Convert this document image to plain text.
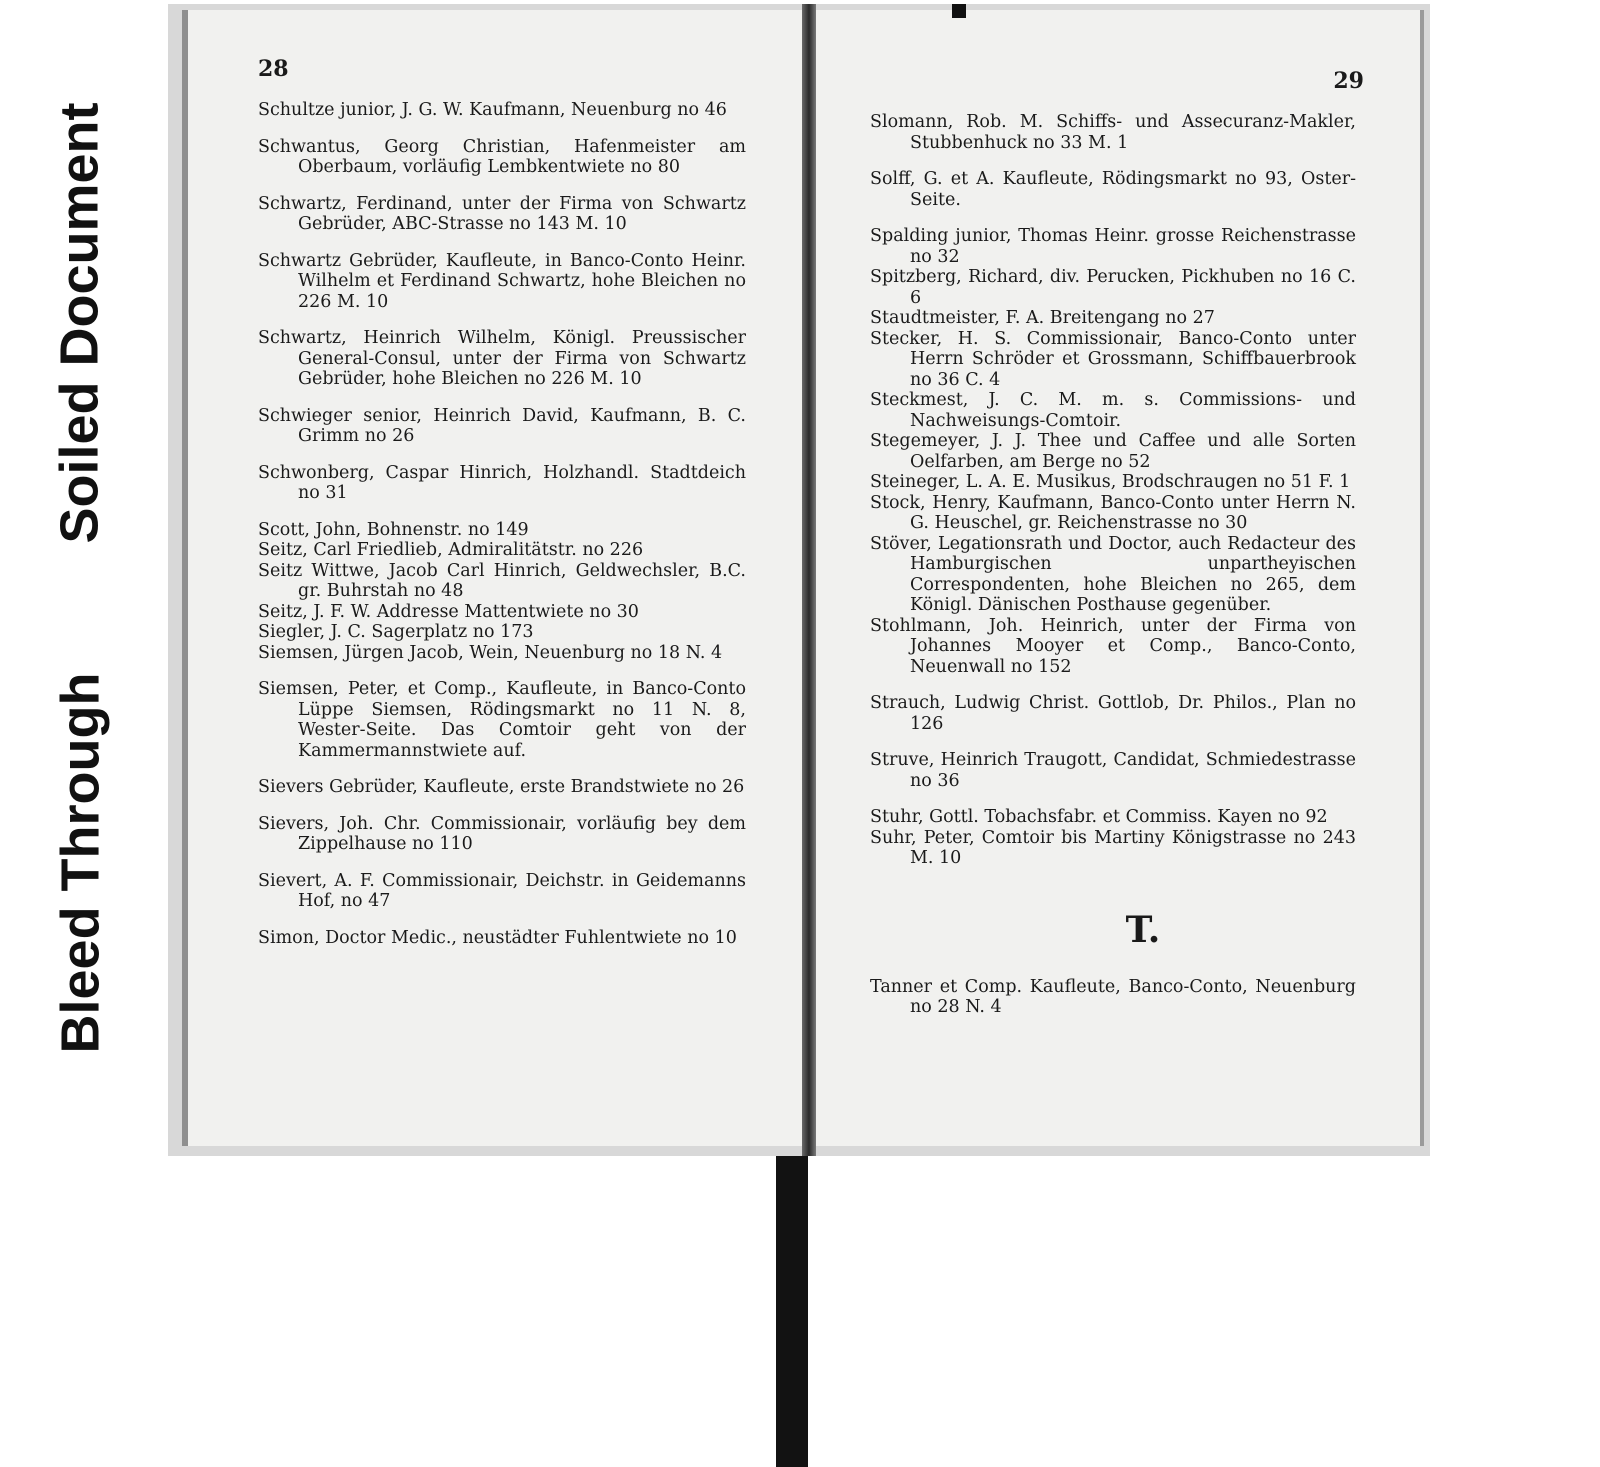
Soiled Document
Bleed Through
28

Schultze junior, J. G. W. Kaufmann, Neuenburg no 46

Schwantus, Georg Christian, Hafenmeister am Oberbaum, vorläufig Lembkentwiete no 80

Schwartz, Ferdinand, unter der Firma von Schwartz Gebrüder, ABC-Strasse no 143 M. 10

Schwartz Gebrüder, Kaufleute, in Banco-Conto Heinr. Wilhelm et Ferdinand Schwartz, hohe Bleichen no 226 M. 10

Schwartz, Heinrich Wilhelm, Königl. Preussischer General-Consul, unter der Firma von Schwartz Gebrüder, hohe Bleichen no 226 M. 10

Schwieger senior, Heinrich David, Kaufmann, B. C. Grimm no 26

Schwonberg, Caspar Hinrich, Holzhandl. Stadtdeich no 31

Scott, John, Bohnenstr. no 149

Seitz, Carl Friedlieb, Admiralitätstr. no 226

Seitz Wittwe, Jacob Carl Hinrich, Geldwechsler, B.C. gr. Buhrstah no 48

Seitz, J. F. W. Addresse Mattentwiete no 30

Siegler, J. C. Sagerplatz no 173

Siemsen, Jürgen Jacob, Wein, Neuenburg no 18 N. 4

Siemsen, Peter, et Comp., Kaufleute, in Banco-Conto Lüppe Siemsen, Rödingsmarkt no 11 N. 8, Wester-Seite. Das Comtoir geht von der Kammermannstwiete auf.

Sievers Gebrüder, Kaufleute, erste Brandstwiete no 26

Sievers, Joh. Chr. Commissionair, vorläufig bey dem Zippelhause no 110

Sievert, A. F. Commissionair, Deichstr. in Geidemanns Hof, no 47

Simon, Doctor Medic., neustädter Fuhlentwiete no 10

29

Slomann, Rob. M. Schiffs- und Assecuranz-Makler, Stubbenhuck no 33 M. 1

Solff, G. et A. Kaufleute, Rödingsmarkt no 93, Oster-Seite.

Spalding junior, Thomas Heinr. grosse Reichenstrasse no 32

Spitzberg, Richard, div. Perucken, Pickhuben no 16 C. 6

Staudtmeister, F. A. Breitengang no 27

Stecker, H. S. Commissionair, Banco-Conto unter Herrn Schröder et Grossmann, Schiffbauerbrook no 36 C. 4

Steckmest, J. C. M. m. s. Commissions- und Nachweisungs-Comtoir.

Stegemeyer, J. J. Thee und Caffee und alle Sorten Oelfarben, am Berge no 52

Steineger, L. A. E. Musikus, Brodschraugen no 51 F. 1

Stock, Henry, Kaufmann, Banco-Conto unter Herrn N. G. Heuschel, gr. Reichenstrasse no 30

Stöver, Legationsrath und Doctor, auch Redacteur des Hamburgischen unpartheyischen Correspondenten, hohe Bleichen no 265, dem Königl. Dänischen Posthause gegenüber.

Stohlmann, Joh. Heinrich, unter der Firma von Johannes Mooyer et Comp., Banco-Conto, Neuenwall no 152

Strauch, Ludwig Christ. Gottlob, Dr. Philos., Plan no 126

Struve, Heinrich Traugott, Candidat, Schmiedestrasse no 36

Stuhr, Gottl. Tobachsfabr. et Commiss. Kayen no 92

Suhr, Peter, Comtoir bis Martiny Königstrasse no 243 M. 10

T.

Tanner et Comp. Kaufleute, Banco-Conto, Neuenburg no 28 N. 4
